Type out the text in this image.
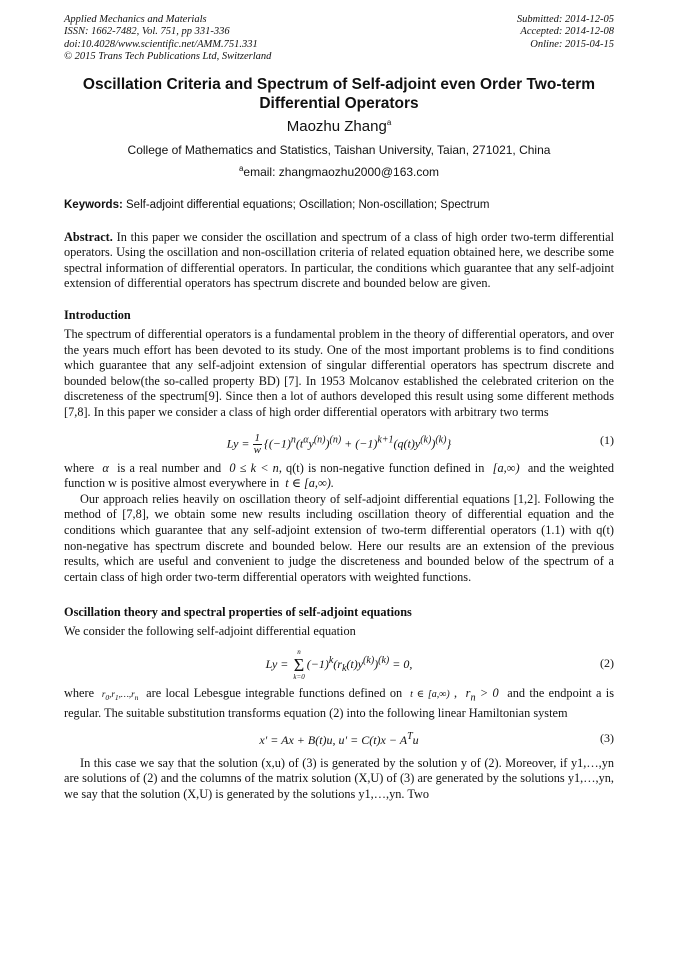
Applied Mechanics and Materials
ISSN: 1662-7482, Vol. 751, pp 331-336
doi:10.4028/www.scientific.net/AMM.751.331
© 2015 Trans Tech Publications Ltd, Switzerland
Submitted: 2014-12-05
Accepted: 2014-12-08
Online: 2015-04-15
Oscillation Criteria and Spectrum of Self-adjoint even Order Two-term Differential Operators
Maozhu Zhang$^a$
College of Mathematics and Statistics, Taishan University, Taian, 271021, China
$^a$email: zhangmaozhu2000@163.com
Keywords: Self-adjoint differential equations; Oscillation; Non-oscillation; Spectrum

Abstract. In this paper we consider the oscillation and spectrum of a class of high order two-term differential operators. Using the oscillation and non-oscillation criteria of related equation obtained here, we describe some spectral information of differential operators. In particular, the conditions which guarantee that any self-adjoint extension of differential operators has spectrum discrete and bounded below are given.

Introduction

The spectrum of differential operators is a fundamental problem in the theory of differential operators, and over the years much effort has been devoted to its study. One of the most important problems is to find conditions which guarantee that any self-adjoint extension of singular differential operators has spectrum discrete and bounded below(the so-called property BD) [7]. In 1953 Molcanov established the celebrated criterion on the discreteness of the spectrum[9]. Since then a lot of authors developed this result using some different methods [7,8]. In this paper we consider a class of high order differential operators with arbitrary two terms

$Ly = \frac{1}{w} \{(-1)^n(t^\alpha y^{(n)})^{(n)} + (-1)^{k+1}(q(t)y^{(k)})^{(k)}\}$	(1)

where  α  is a real number and  0 ≤ k < n, q(t) is non-negative function defined in  [a,∞)  and the weighted function w is positive almost everywhere in  t ∈ [a,∞).

Our approach relies heavily on oscillation theory of self-adjoint differential equations [1,2]. Following the method of [7,8], we obtain some new results including oscillation theory of differential equation and the conditions which guarantee that any self-adjoint extension of two-term differential operators (1.1) with q(t) non-negative has spectrum discrete and bounded below. Here our results are an extension of the previous results, which are useful and convenient to judge the discreteness and bounded below of the spectrum of a certain class of high order two-term differential operators with weighted functions.

Oscillation theory and spectral properties of self-adjoint equations

We consider the following self-adjoint differential equation

Ly = n
Σ
$k=0(-1)^k(r_k(t)y^{(k)})^{(k)} = 0$,	(2)

where  $r_0,r_1,\dots,r_n$ are local Lebesgue integrable functions defined on  t ∈ [a,∞) ,  $r_n > 0$  and the endpoint a is regular. The suitable substitution transforms equation (2) into the following linear Hamiltonian system

x' = Ax + B(t)u, $u' = C(t)x - A^Tu$	(3)

In this case we say that the solution (x,u) of (3) is generated by the solution y of (2). Moreover, if y1,…,yn are solutions of (2) and the columns of the matrix solution (X,U) of (3) are generated by the solutions y1,…,yn, we say that the solution (X,U) is generated by the solutions y1,…,yn. Two
